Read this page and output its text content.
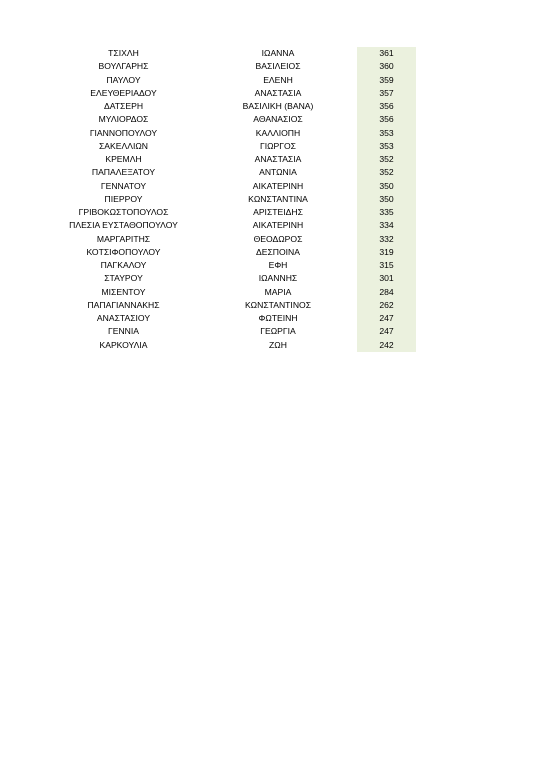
ΤΣΙΧΛΗ	ΙΩΑΝΝΑ	361
ΒΟΥΛΓΑΡΗΣ	ΒΑΣΙΛΕΙΟΣ	360
ΠΑΥΛΟΥ	ΕΛΕΝΗ	359
ΕΛΕΥΘΕΡΙΑΔΟΥ	ΑΝΑΣΤΑΣΙΑ	357
ΔΑΤΣΕΡΗ	ΒΑΣΙΛΙΚΗ (ΒΑΝΑ)	356
ΜΥΛΙΟΡΔΟΣ	ΑΘΑΝΑΣΙΟΣ	356
ΓΙΑΝΝΟΠΟΥΛΟΥ	ΚΑΛΛΙΟΠΗ	353
ΣΑΚΕΛΛΙΩΝ	ΓΙΩΡΓΟΣ	353
ΚΡΕΜΛΗ	ΑΝΑΣΤΑΣΙΑ	352
ΠΑΠΑΛΕΞΑΤΟΥ	ΑΝΤΩΝΙΑ	352
ΓΕΝΝΑΤΟΥ	ΑΙΚΑΤΕΡΙΝΗ	350
ΠΙΕΡΡΟΥ	ΚΩΝΣΤΑΝΤΙΝΑ	350
ΓΡΙΒΟΚΩΣΤΟΠΟΥΛΟΣ	ΑΡΙΣΤΕΙΔΗΣ	335
ΠΛΕΣΙΑ ΕΥΣΤΑΘΟΠΟΥΛΟΥ	ΑΙΚΑΤΕΡΙΝΗ	334
ΜΑΡΓΑΡΙΤΗΣ	ΘΕΟΔΩΡΟΣ	332
ΚΟΤΣΙΦΟΠΟΥΛΟΥ	ΔΕΣΠΟΙΝΑ	319
ΠΑΓΚΑΛΟΥ	ΕΦΗ	315
ΣΤΑΥΡΟΥ	ΙΩΑΝΝΗΣ	301
ΜΙΣΕΝΤΟΥ	ΜΑΡΙΑ	284
ΠΑΠΑΓΙΑΝΝΑΚΗΣ	ΚΩΝΣΤΑΝΤΙΝΟΣ	262
ΑΝΑΣΤΑΣΙΟΥ	ΦΩΤΕΙΝΗ	247
ΓΕΝΝΙΑ	ΓΕΩΡΓΙΑ	247
ΚΑΡΚΟΥΛΙΑ	ΖΩΗ	242
